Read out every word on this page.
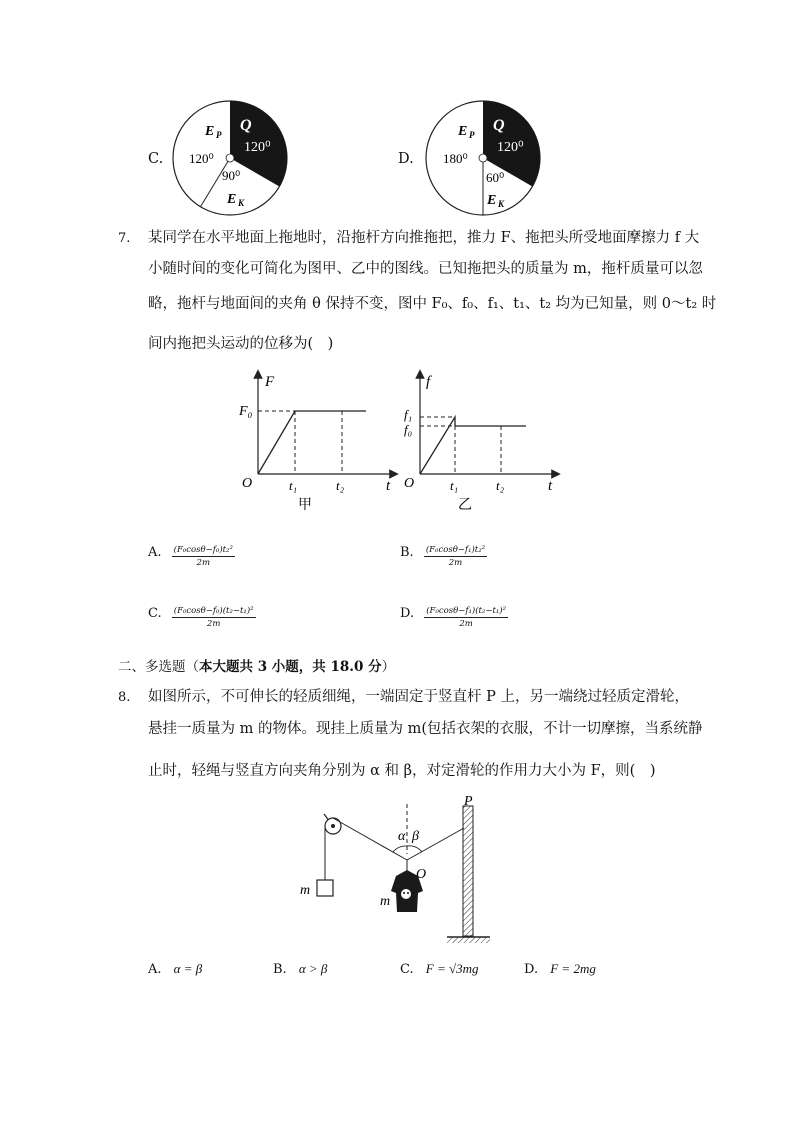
C.
Q
120⁰
E P
120⁰
90⁰
E K
D.
Q
120⁰
E P
180⁰
60⁰
E K
7. 某同学在水平地面上拖地时，沿拖杆方向推拖把，推力 F、拖把头所受地面摩擦力 f 大
小随时间的变化可简化为图甲、乙中的图线。已知拖把头的质量为 m，拖杆质量可以忽
略，拖杆与地面间的夹角 θ 保持不变，图中 F₀、f₀、f₁、t₁、t₂ 均为已知量，则 0～t₂ 时
间内拖把头运动的位移为(　)
F
t
O
F₀
t₁	t₂
甲
f
t
O
f₁
f₀
t₁	t₂
乙
A. $\frac{\text{(F₀cosθ−f₀)t₂²}}{2m}$	B. $\frac{\text{(F₀cosθ−f₁)t₂²}}{2m}$
C. $\frac{\text{(F₀cosθ−f₀)(t₂−t₁)²}}{2m}$	D. $\frac{\text{(F₀cosθ−f₁)(t₂−t₁)²}}{2m}$
二、多选题（本大题共 3 小题，共 18.0 分）
8. 如图所示，不可伸长的轻质细绳，一端固定于竖直杆 P 上，另一端绕过轻质定滑轮，
悬挂一质量为 m 的物体。现挂上质量为 m(包括衣架的衣服，不计一切摩擦，当系统静
止时，轻绳与竖直方向夹角分别为 α 和 β，对定滑轮的作用力大小为 F，则(　)
P
α β
O
m
m
A. α = β	B. α > β	C. F = √3mg	D. F = 2mg
